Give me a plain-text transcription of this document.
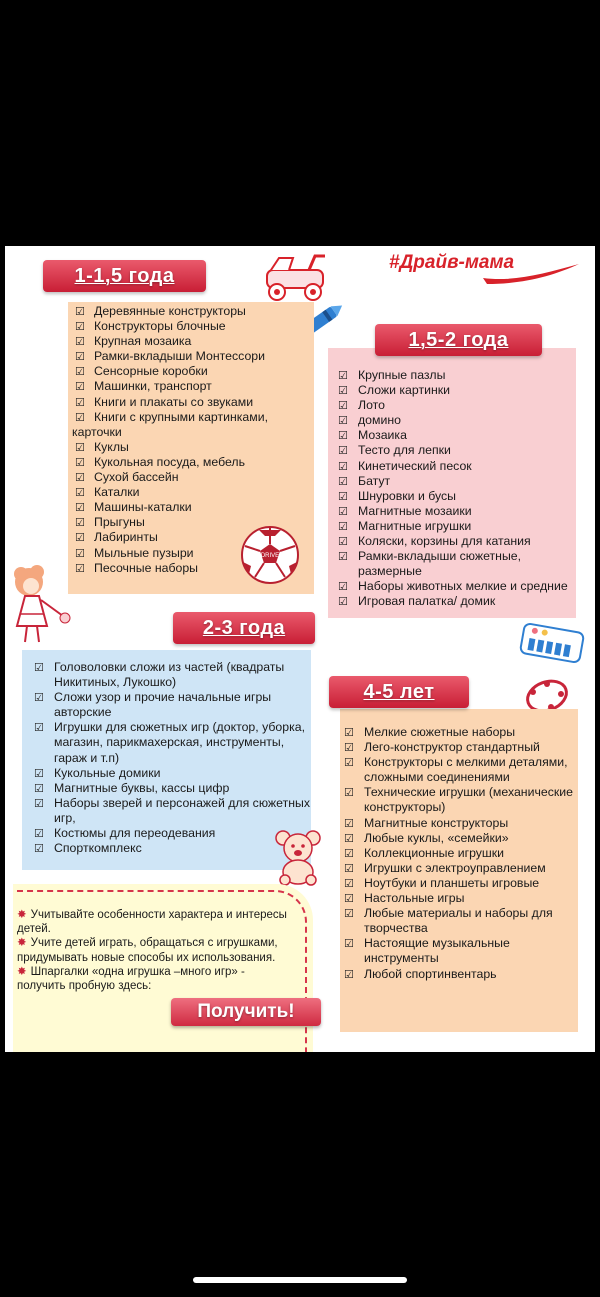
#Драйв-мама
☑ Деревянные конструкторы
☑ Конструкторы блочные
☑ Крупная мозаика
☑ Рамки-вкладыши Монтессори
☑ Сенсорные коробки
☑ Машинки, транспорт
☑ Книги и плакаты со звуками
☑ Книги с крупными картинками, карточки
☑ Куклы
☑ Кукольная посуда, мебель
☑ Сухой бассейн
☑ Каталки
☑ Машины-каталки
☑ Прыгуны
☑ Лабиринты
☑ Мыльные пузыри
☑ Песочные наборы
1-1,5 года
DRIVE
☑ Крупные пазлы
☑ Сложи картинки
☑ Лото
☑ домино
☑ Мозаика
☑ Тесто для лепки
☑ Кинетический песок
☑ Батут
☑ Шнуровки и бусы
☑ Магнитные мозаики
☑ Магнитные игрушки
☑ Коляски, корзины для катания
☑ Рамки-вкладыши сюжетные, размерные
☑ Наборы животных мелкие и средние
☑ Игровая палатка/ домик
1,5-2 года
☑ Головоловки сложи из частей (квадраты Никитиных, Лукошко)
☑ Сложи узор и прочие начальные игры авторские
☑ Игрушки для сюжетных игр (доктор, уборка, магазин, парикмахерская, инструменты, гараж и т.п)
☑ Кукольные домики
☑ Магнитные буквы, кассы цифр
☑ Наборы зверей и персонажей для сюжетных игр,
☑ Костюмы для переодевания
☑ Спорткомплекс
2-3 года
☑ Мелкие сюжетные наборы
☑ Лего-конструктор стандартный
☑ Конструкторы с мелкими деталями, сложными соединениями
☑ Технические игрушки (механические конструкторы)
☑ Магнитные конструкторы
☑ Любые куклы, «семейки»
☑ Коллекционные игрушки
☑ Игрушки с электроуправлением
☑ Ноутбуки и планшеты игровые
☑ Настольные игры
☑ Любые материалы и наборы для творчества
☑ Настоящие музыкальные инструменты
☑ Любой спортинвентарь
4-5 лет

✸ Учитывайте особенности характера и интересы детей.

✸ Учите детей играть, обращаться с игрушками, придумывать новые способы их использования.

✸ Шпаргалки «одна игрушка –много игр» - получить пробную здесь:

Получить!
